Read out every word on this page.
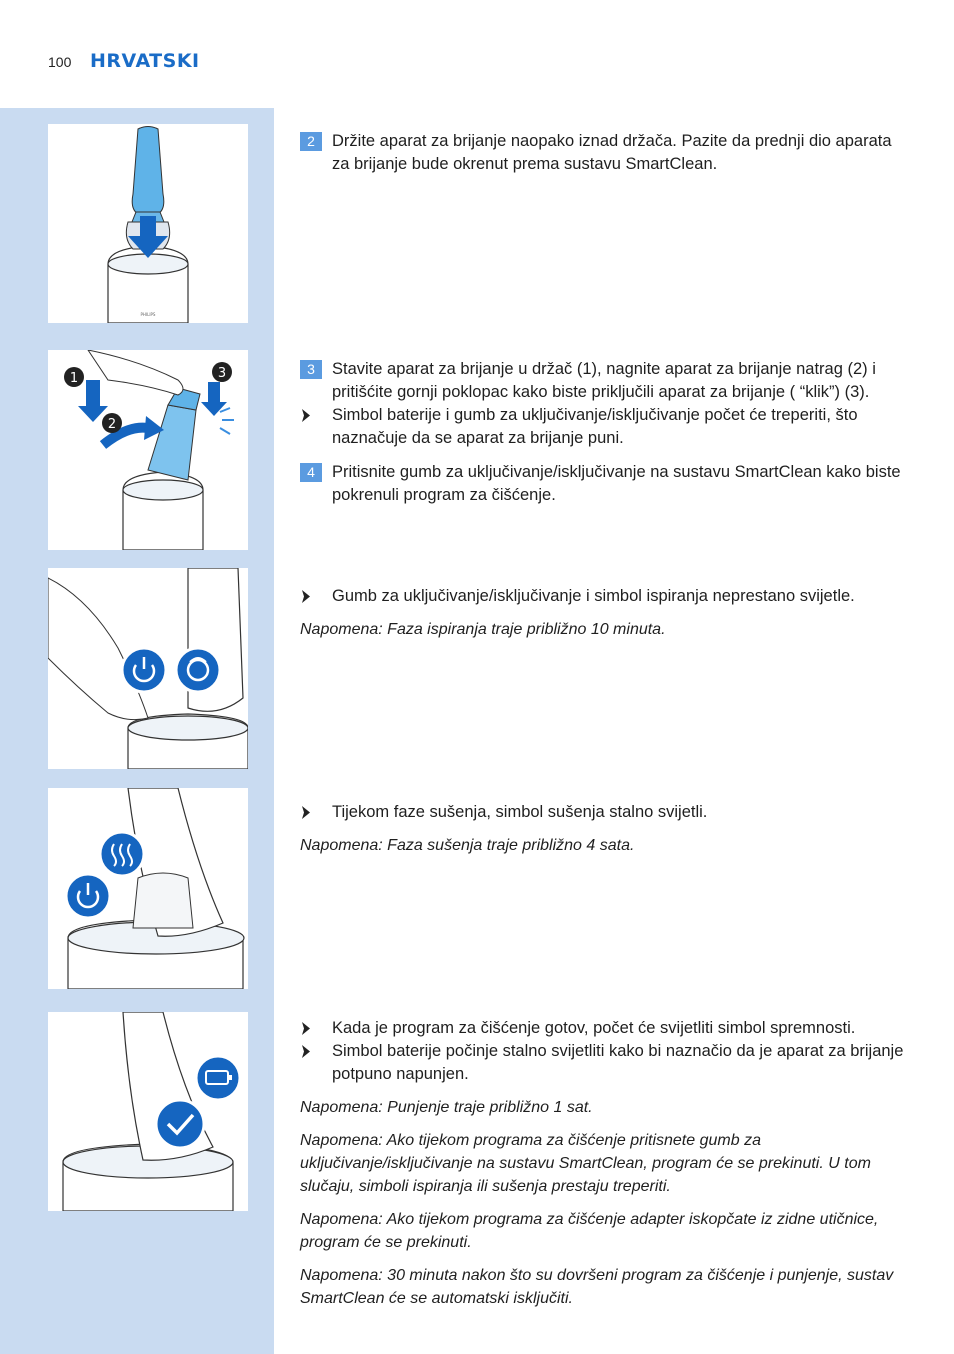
100 HRVATSKI
PHILIPS
1
2
3
2	Držite aparat za brijanje naopako iznad držača. Pazite da prednji dio aparata za brijanje bude okrenut prema sustavu SmartClean.
3	Stavite aparat za brijanje u držač (1), nagnite aparat za brijanje natrag (2) i pritišćite gornji poklopac kako biste priključili aparat za brijanje ( “klik”) (3).
Simbol baterije i gumb za uključivanje/isključivanje počet će treperiti, što naznačuje da se aparat za brijanje puni.
4	Pritisnite gumb za uključivanje/isključivanje na sustavu SmartClean kako biste pokrenuli program za čišćenje.
Gumb za uključivanje/isključivanje i simbol ispiranja neprestano svijetle.
Napomena: Faza ispiranja traje približno 10 minuta.
Tijekom faze sušenja, simbol sušenja stalno svijetli.
Napomena: Faza sušenja traje približno 4 sata.
Kada je program za čišćenje gotov, počet će svijetliti simbol spremnosti.
Simbol baterije počinje stalno svijetliti kako bi naznačio da je aparat za brijanje potpuno napunjen.
Napomena: Punjenje traje približno 1 sat.
Napomena: Ako tijekom programa za čišćenje pritisnete gumb za uključivanje/isključivanje na sustavu SmartClean, program će se prekinuti. U tom slučaju, simboli ispiranja ili sušenja prestaju treperiti.
Napomena: Ako tijekom programa za čišćenje adapter iskopčate iz zidne utičnice, program će se prekinuti.
Napomena: 30 minuta nakon što su dovršeni program za čišćenje i punjenje, sustav SmartClean će se automatski isključiti.
